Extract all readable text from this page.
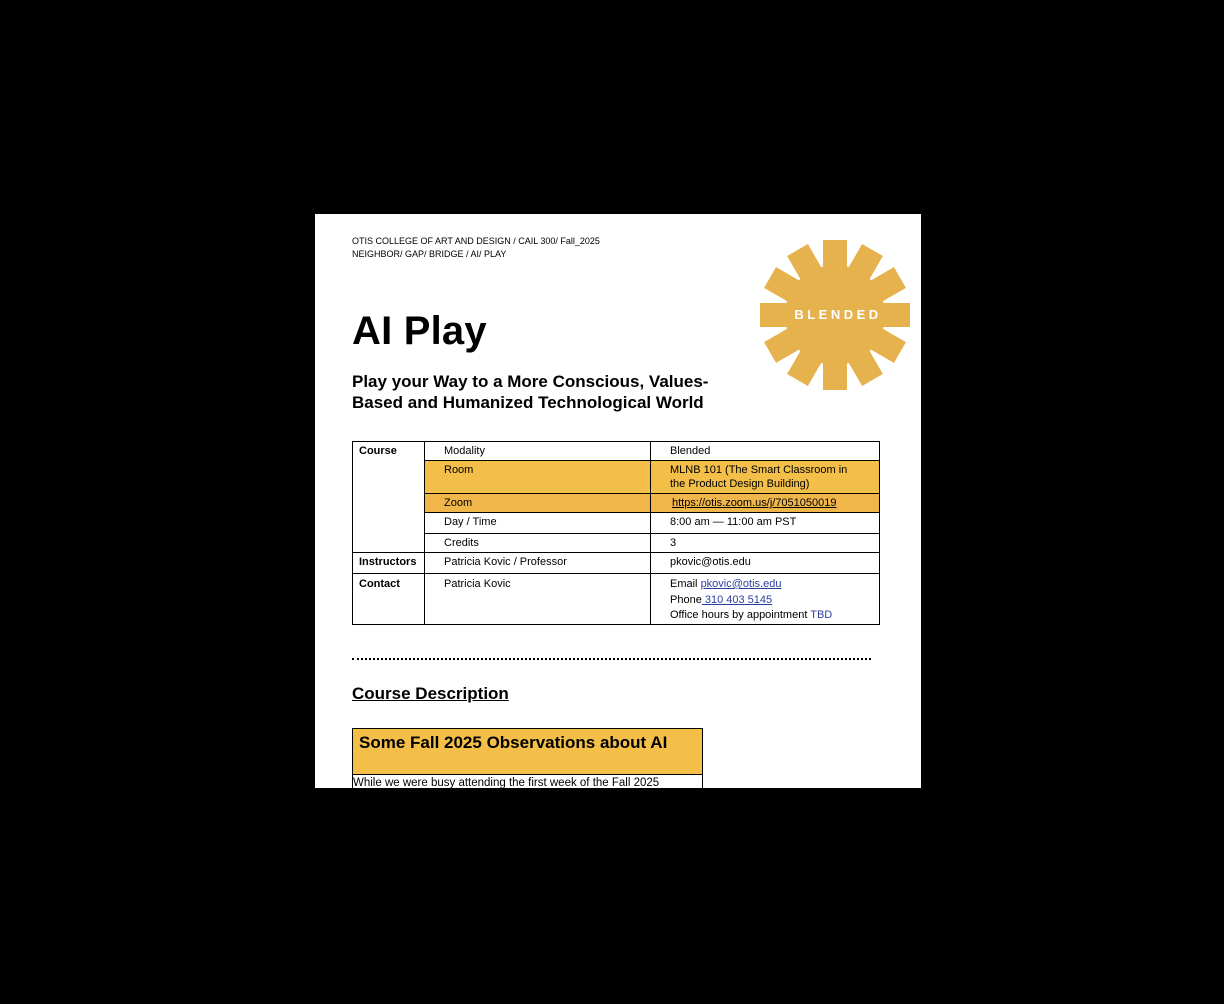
OTIS COLLEGE OF ART AND DESIGN / CAIL 300/ Fall_2025
NEIGHBOR/ GAP/ BRIDGE / AI/ PLAY
AI Play
Play your Way to a More Conscious, Values-
Based and Humanized Technological World
BLENDED
Course	Modality	Blended
	Room	MLNB 101 (The Smart Classroom in the Product Design Building)
	Zoom	https://otis.zoom.us/j/7051050019
	Day / Time	8:00 am — 11:00 am PST
	Credits	3
Instructors	Patricia Kovic / Professor	pkovic@otis.edu
Contact	Patricia Kovic	Email pkovic@otis.edu
Phone 310 403 5145
Office hours by appointment TBD
Course Description
Some Fall 2025 Observations about AI
While we were busy attending the first week of the Fall 2025
